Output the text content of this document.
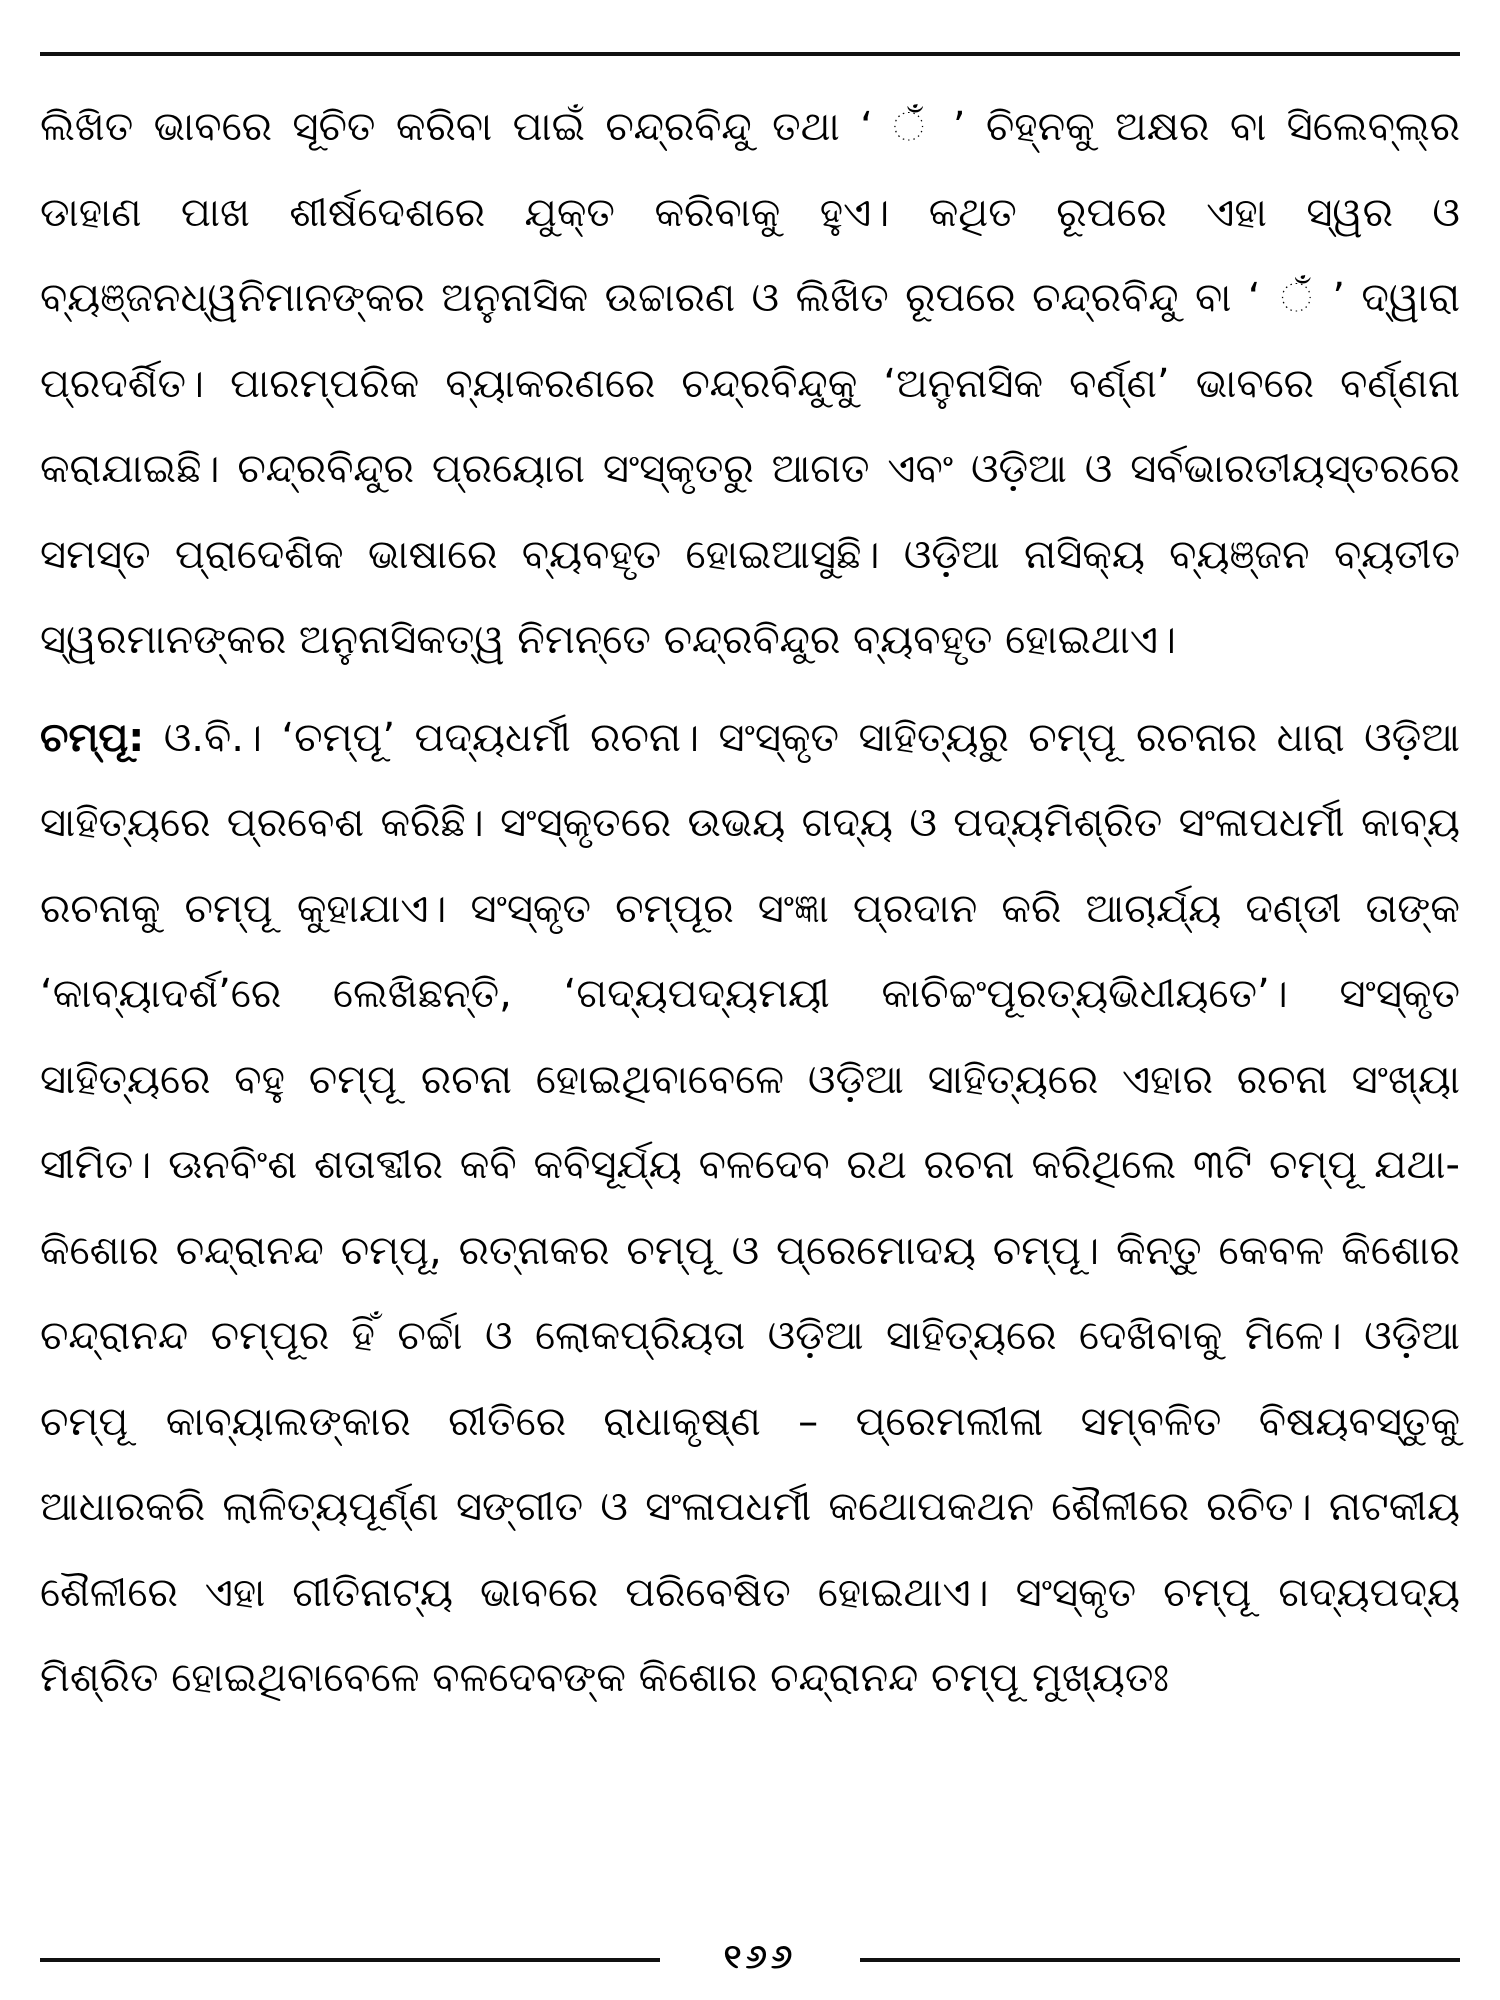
ଲିଖିତ ଭାବରେ ସୂଚିତ କରିବା ପାଇଁ ଚନ୍ଦ୍ରବିନ୍ଦୁ ତଥା ‘ ଁ ’ ଚିହ୍ନକୁ ଅକ୍ଷର ବା ସିଲେବ୍‌ଲ୍‌ର ଡାହାଣ ପାଖ ଶୀର୍ଷଦେଶରେ ଯୁକ୍ତ କରିବାକୁ ହୁଏ। କଥିତ ରୂପରେ ଏହା ସ୍ୱର ଓ ବ୍ୟଞ୍ଜନଧ୍ୱନିମାନଙ୍କର ଅନୁନାସିକ ଉଚ୍ଚାରଣ ଓ ଲିଖିତ ରୂପରେ ଚନ୍ଦ୍ରବିନ୍ଦୁ ବା ‘ ଁ ’ ଦ୍ୱାରା ପ୍ରଦର୍ଶିତ। ପାରମ୍ପରିକ ବ୍ୟାକରଣରେ ଚନ୍ଦ୍ରବିନ୍ଦୁକୁ ‘ଅନୁନାସିକ ବର୍ଣ୍ଣ’ ଭାବରେ ବର୍ଣ୍ଣନା କରାଯାଇଛି। ଚନ୍ଦ୍ରବିନ୍ଦୁର ପ୍ରୟୋଗ ସଂସ୍କୃତରୁ ଆଗତ ଏବଂ ଓଡ଼ିଆ ଓ ସର୍ବଭାରତୀୟସ୍ତରରେ ସମସ୍ତ ପ୍ରାଦେଶିକ ଭାଷାରେ ବ୍ୟବହୃତ ହୋଇଆସୁଛି। ଓଡ଼ିଆ ନାସିକ୍ୟ ବ୍ୟଞ୍ଜନ ବ୍ୟତୀତ ସ୍ୱରମାନଙ୍କର ଅନୁନାସିକତ୍ୱ ନିମନ୍ତେ ଚନ୍ଦ୍ରବିନ୍ଦୁର ବ୍ୟବହୃତ ହୋଇଥାଏ।

ଚମ୍ପୂ: ଓ.ବି.। ‘ଚମ୍ପୂ’ ପଦ୍ୟଧର୍ମୀ ରଚନା। ସଂସ୍କୃତ ସାହିତ୍ୟରୁ ଚମ୍ପୂ ରଚନାର ଧାରା ଓଡ଼ିଆ ସାହିତ୍ୟରେ ପ୍ରବେଶ କରିଛି। ସଂସ୍କୃତରେ ଉଭୟ ଗଦ୍ୟ ଓ ପଦ୍ୟମିଶ୍ରିତ ସଂଳାପଧର୍ମୀ କାବ୍ୟ ରଚନାକୁ ଚମ୍ପୂ କୁହାଯାଏ। ସଂସ୍କୃତ ଚମ୍ପୂର ସଂଜ୍ଞା ପ୍ରଦାନ କରି ଆଚାର୍ଯ୍ୟ ଦଣ୍ଡୀ ତାଙ୍କ ‘କାବ୍ୟାଦର୍ଶ’ରେ ଲେଖିଛନ୍ତି, ‘ଗଦ୍ୟପଦ୍ୟମୟୀ କାଚିଚ୍ଚଂପୂରତ୍ୟଭିଧୀୟତେ’। ସଂସ୍କୃତ ସାହିତ୍ୟରେ ବହୁ ଚମ୍ପୂ ରଚନା ହୋଇଥିବାବେଳେ ଓଡ଼ିଆ ସାହିତ୍ୟରେ ଏହାର ରଚନା ସଂଖ୍ୟା ସୀମିତ। ଊନବିଂଶ ଶତାବ୍ଦୀର କବି କବିସୂର୍ଯ୍ୟ ବଳଦେବ ରଥ ରଚନା କରିଥିଲେ ୩ଟି ଚମ୍ପୂ ଯଥା-କିଶୋର ଚନ୍ଦ୍ରାନନ୍ଦ ଚମ୍ପୂ, ରତ୍ନାକର ଚମ୍ପୂ ଓ ପ୍ରେମୋଦୟ ଚମ୍ପୂ। କିନ୍ତୁ କେବଳ କିଶୋର ଚନ୍ଦ୍ରାନନ୍ଦ ଚମ୍ପୂର ହିଁ ଚର୍ଚ୍ଚା ଓ ଲୋକପ୍ରିୟତା ଓଡ଼ିଆ ସାହିତ୍ୟରେ ଦେଖିବାକୁ ମିଳେ। ଓଡ଼ିଆ ଚମ୍ପୂ କାବ୍ୟାଲଙ୍କାର ରୀତିରେ ରାଧାକୃଷ୍ଣ – ପ୍ରେମଲୀଳା ସମ୍ବଳିତ ବିଷୟବସ୍ତୁକୁ ଆଧାରକରି ଲାଳିତ୍ୟପୂର୍ଣ୍ଣ ସଙ୍ଗୀତ ଓ ସଂଳାପଧର୍ମୀ କଥୋପକଥନ ଶୈଳୀରେ ରଚିତ। ନାଟକୀୟ ଶୈଳୀରେ ଏହା ଗୀତିନାଟ୍ୟ ଭାବରେ ପରିବେଷିତ ହୋଇଥାଏ। ସଂସ୍କୃତ ଚମ୍ପୂ ଗଦ୍ୟପଦ୍ୟ ମିଶ୍ରିତ ହୋଇଥିବାବେଳେ ବଳଦେବଙ୍କ କିଶୋର ଚନ୍ଦ୍ରାନନ୍ଦ ଚମ୍ପୂ ମୁଖ୍ୟତଃ

୧୬୬
